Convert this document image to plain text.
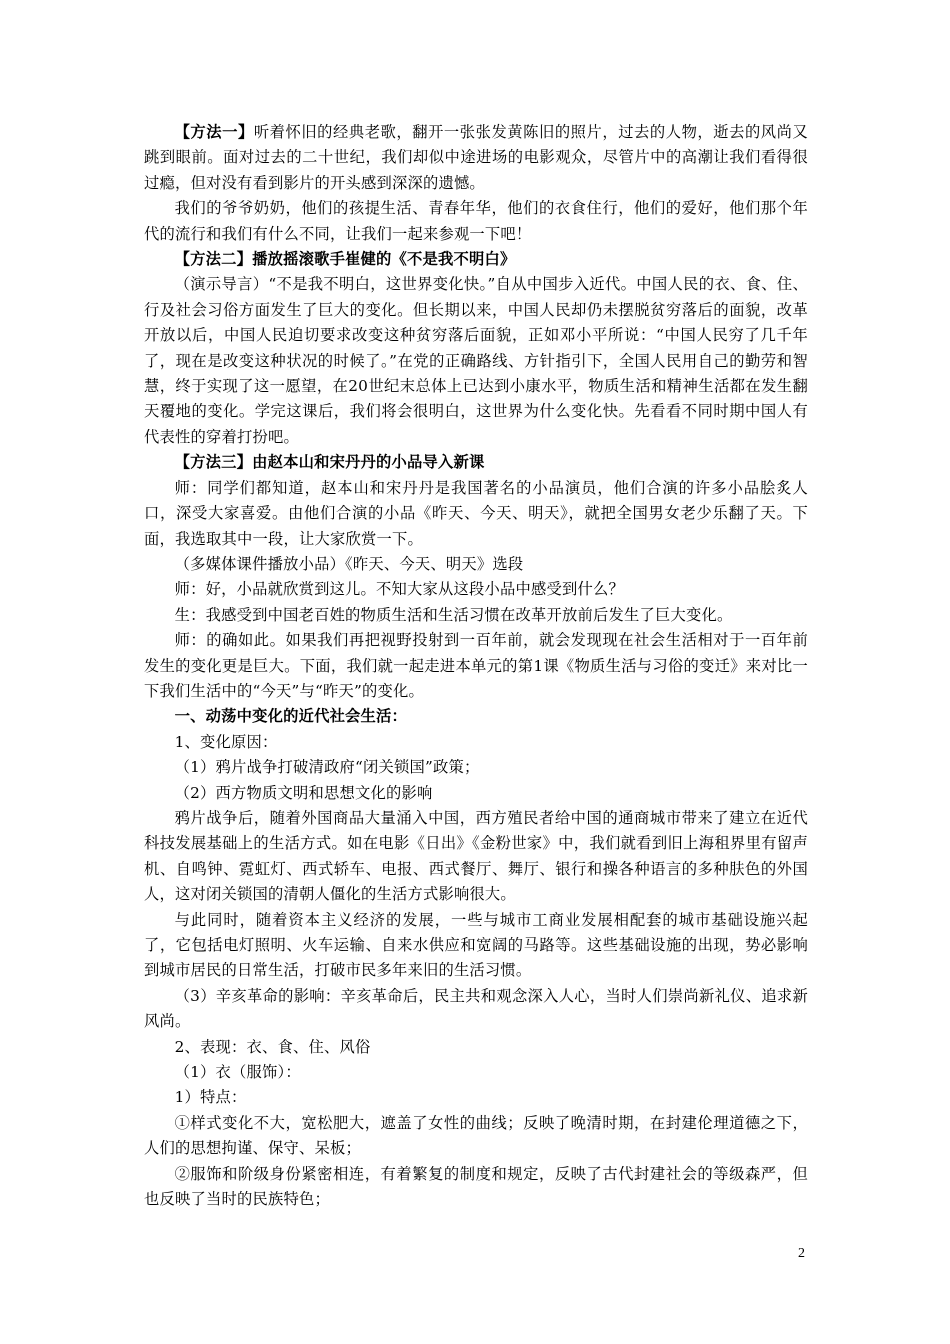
【方法一】听着怀旧的经典老歌，翻开一张张发黄陈旧的照片，过去的人物，逝去的风尚又跳到眼前。面对过去的二十世纪，我们却似中途进场的电影观众，尽管片中的高潮让我们看得很过瘾，但对没有看到影片的开头感到深深的遗憾。

我们的爷爷奶奶，他们的孩提生活、青春年华，他们的衣食住行，他们的爱好，他们那个年代的流行和我们有什么不同，让我们一起来参观一下吧！

【方法二】播放摇滚歌手崔健的《不是我不明白》

（演示导言）“不是我不明白，这世界变化快。”自从中国步入近代。中国人民的衣、食、住、行及社会习俗方面发生了巨大的变化。但长期以来，中国人民却仍未摆脱贫穷落后的面貌，改革开放以后，中国人民迫切要求改变这种贫穷落后面貌，正如邓小平所说：“中国人民穷了几千年了，现在是改变这种状况的时候了。”在党的正确路线、方针指引下，全国人民用自己的勤劳和智慧，终于实现了这一愿望，在20世纪末总体上已达到小康水平，物质生活和精神生活都在发生翻天覆地的变化。学完这课后，我们将会很明白，这世界为什么变化快。先看看不同时期中国人有代表性的穿着打扮吧。

【方法三】由赵本山和宋丹丹的小品导入新课

师：同学们都知道，赵本山和宋丹丹是我国著名的小品演员，他们合演的许多小品脍炙人口，深受大家喜爱。由他们合演的小品《昨天、今天、明天》，就把全国男女老少乐翻了天。下面，我选取其中一段，让大家欣赏一下。

（多媒体课件播放小品）《昨天、今天、明天》选段

师：好，小品就欣赏到这儿。不知大家从这段小品中感受到什么？

生：我感受到中国老百姓的物质生活和生活习惯在改革开放前后发生了巨大变化。

师：的确如此。如果我们再把视野投射到一百年前，就会发现现在社会生活相对于一百年前发生的变化更是巨大。下面，我们就一起走进本单元的第1课《物质生活与习俗的变迁》来对比一下我们生活中的“今天”与“昨天”的变化。

一、动荡中变化的近代社会生活：

1、变化原因：

（1）鸦片战争打破清政府“闭关锁国”政策；

（2）西方物质文明和思想文化的影响

鸦片战争后，随着外国商品大量涌入中国，西方殖民者给中国的通商城市带来了建立在近代科技发展基础上的生活方式。如在电影《日出》《金粉世家》中，我们就看到旧上海租界里有留声机、自鸣钟、霓虹灯、西式轿车、电报、西式餐厅、舞厅、银行和操各种语言的多种肤色的外国人，这对闭关锁国的清朝人僵化的生活方式影响很大。

与此同时，随着资本主义经济的发展，一些与城市工商业发展相配套的城市基础设施兴起了，它包括电灯照明、火车运输、自来水供应和宽阔的马路等。这些基础设施的出现，势必影响到城市居民的日常生活，打破市民多年来旧的生活习惯。

（3）辛亥革命的影响：辛亥革命后，民主共和观念深入人心，当时人们崇尚新礼仪、追求新风尚。

2、表现：衣、食、住、风俗

（1）衣（服饰）：

1）特点：

①样式变化不大，宽松肥大，遮盖了女性的曲线；反映了晚清时期，在封建伦理道德之下，人们的思想拘谨、保守、呆板；

②服饰和阶级身份紧密相连，有着繁复的制度和规定，反映了古代封建社会的等级森严，但也反映了当时的民族特色；

2
